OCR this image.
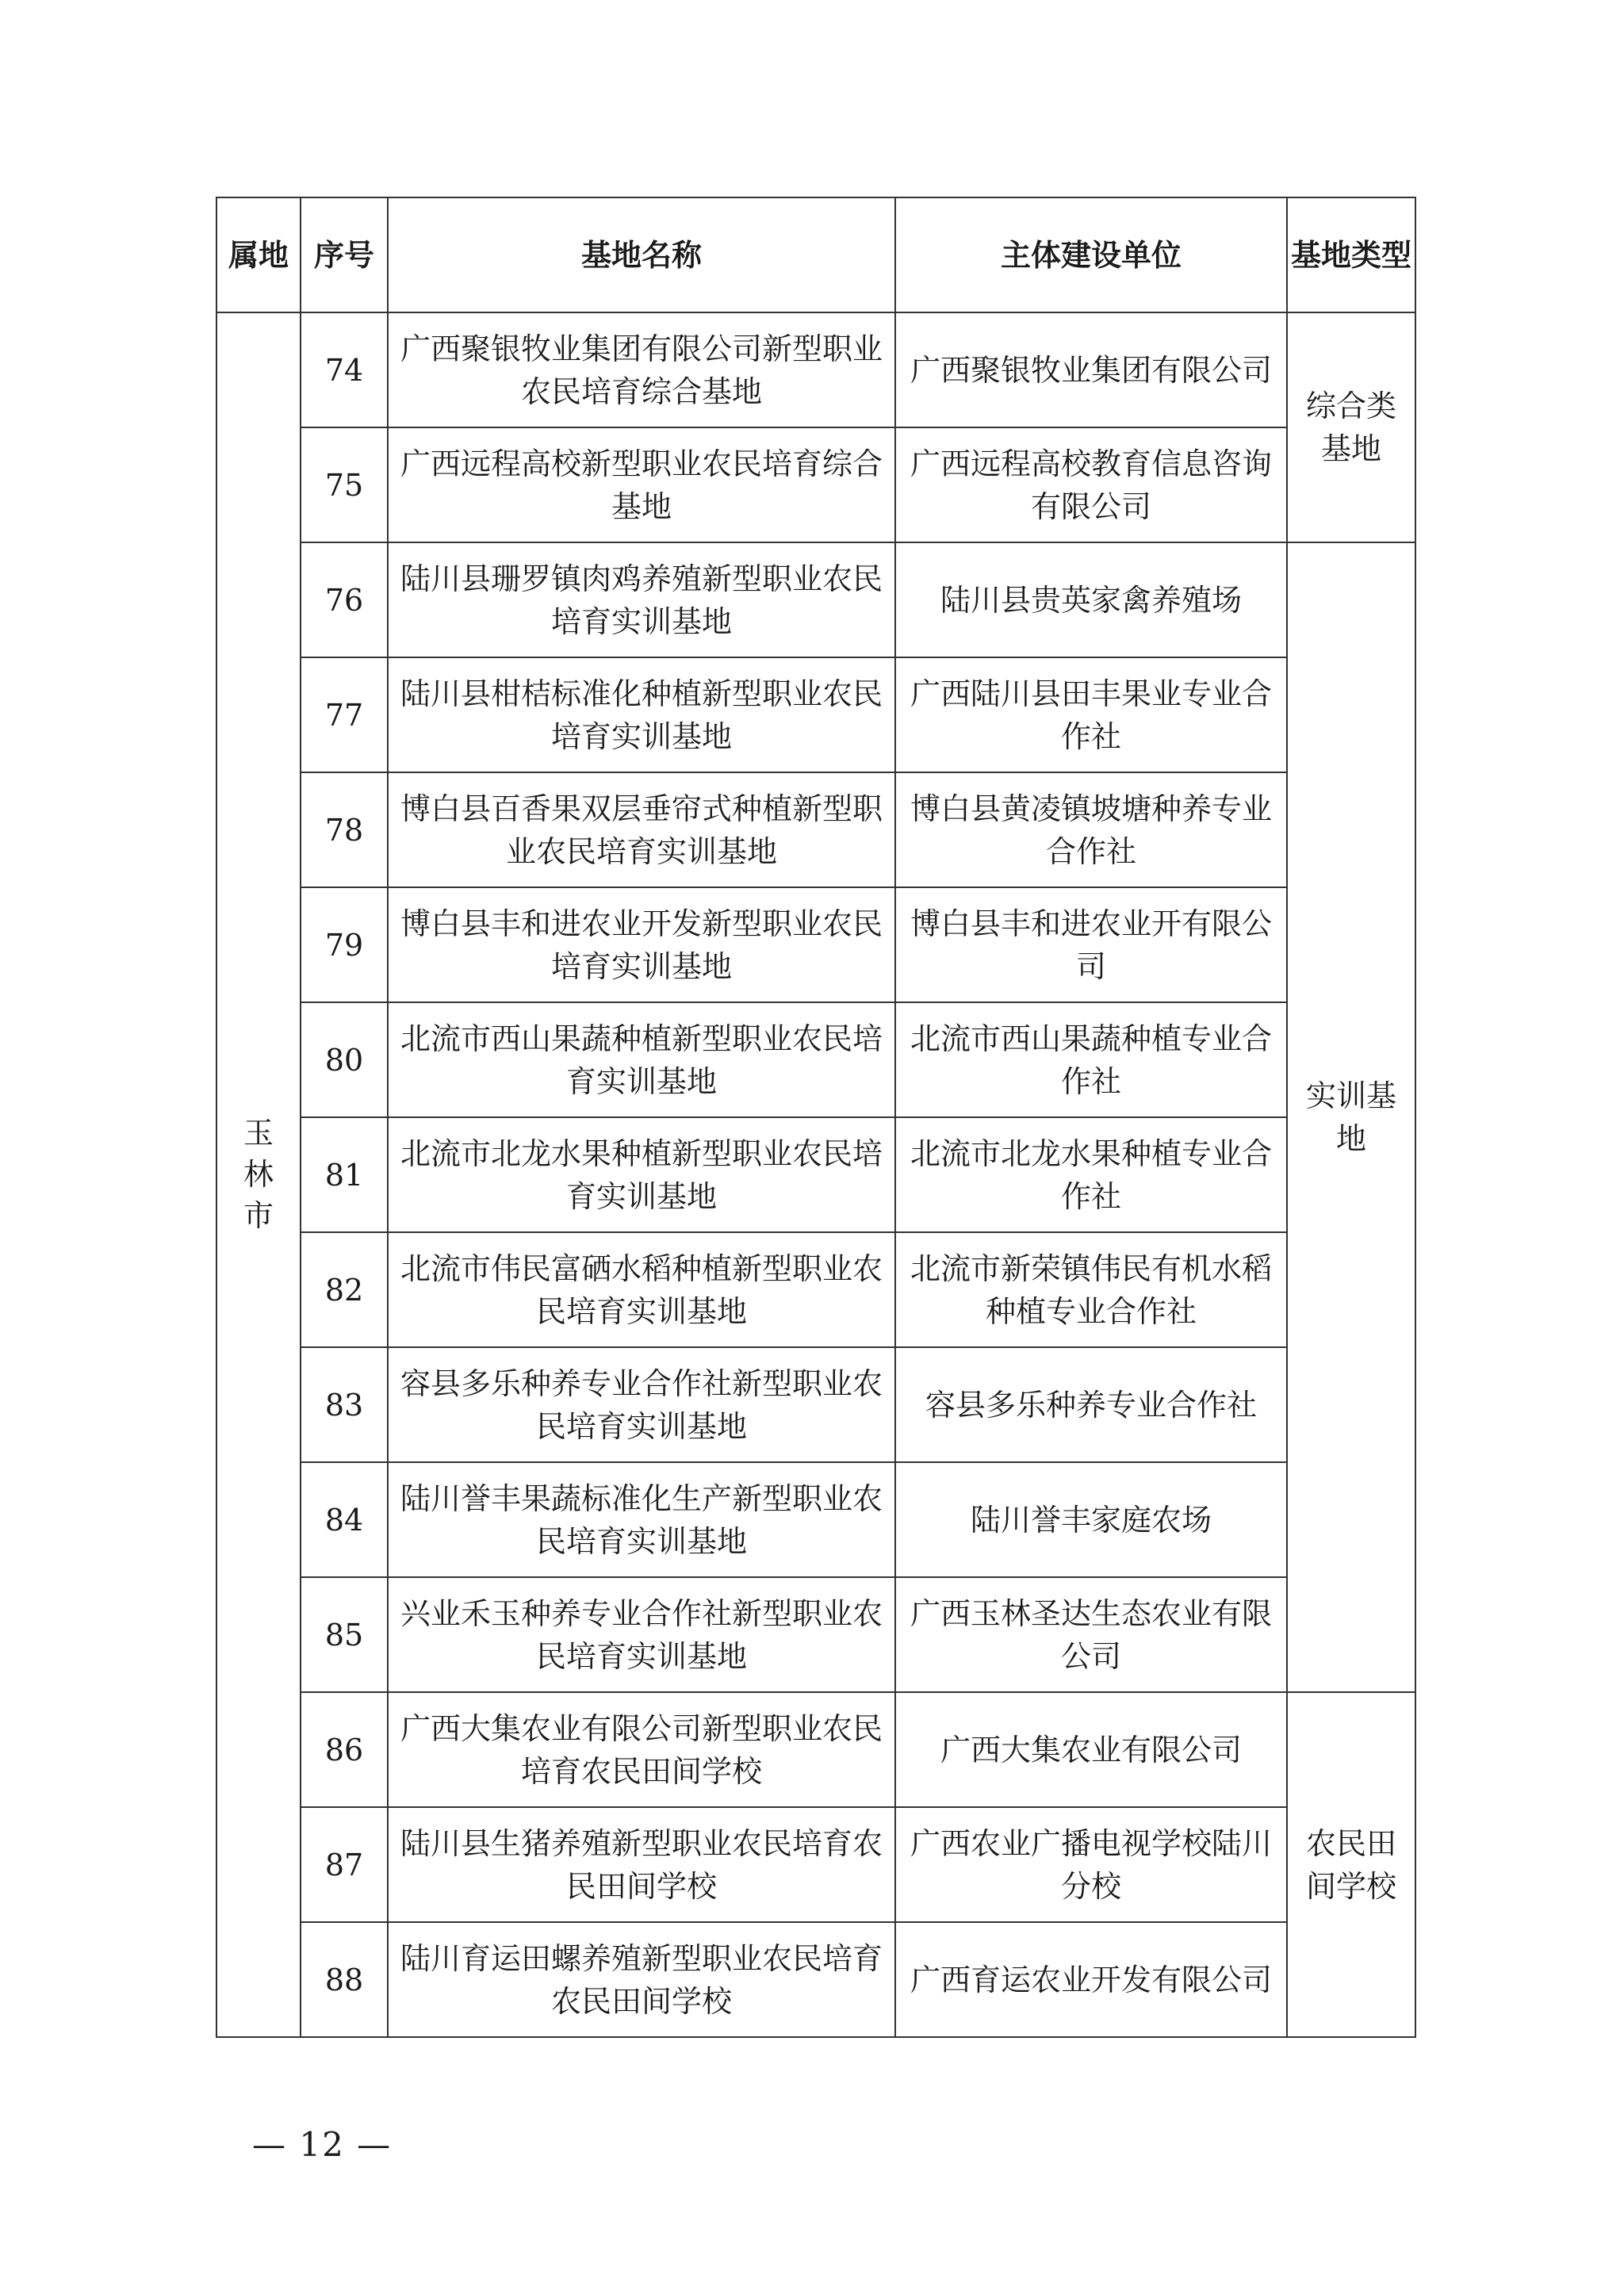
属地	序号	基地名称	主体建设单位	基地类型
玉林市	74	广西聚银牧业集团有限公司新型职业农民培育综合基地	广西聚银牧业集团有限公司	综合类基地
	75	广西远程高校新型职业农民培育综合基地	广西远程高校教育信息咨询有限公司	
	76	陆川县珊罗镇肉鸡养殖新型职业农民培育实训基地	陆川县贵英家禽养殖场	实训基地
	77	陆川县柑桔标准化种植新型职业农民培育实训基地	广西陆川县田丰果业专业合作社	
	78	博白县百香果双层垂帘式种植新型职业农民培育实训基地	博白县黄凌镇坡塘种养专业合作社	
	79	博白县丰和进农业开发新型职业农民培育实训基地	博白县丰和进农业开有限公司	
	80	北流市西山果蔬种植新型职业农民培育实训基地	北流市西山果蔬种植专业合作社	
	81	北流市北龙水果种植新型职业农民培育实训基地	北流市北龙水果种植专业合作社	
	82	北流市伟民富硒水稻种植新型职业农民培育实训基地	北流市新荣镇伟民有机水稻种植专业合作社	
	83	容县多乐种养专业合作社新型职业农民培育实训基地	容县多乐种养专业合作社	
	84	陆川誉丰果蔬标准化生产新型职业农民培育实训基地	陆川誉丰家庭农场	
	85	兴业禾玉种养专业合作社新型职业农民培育实训基地	广西玉林圣达生态农业有限公司	
	86	广西大集农业有限公司新型职业农民培育农民田间学校	广西大集农业有限公司	农民田间学校
	87	陆川县生猪养殖新型职业农民培育农民田间学校	广西农业广播电视学校陆川分校	
	88	陆川育运田螺养殖新型职业农民培育农民田间学校	广西育运农业开发有限公司	
— 12 —
